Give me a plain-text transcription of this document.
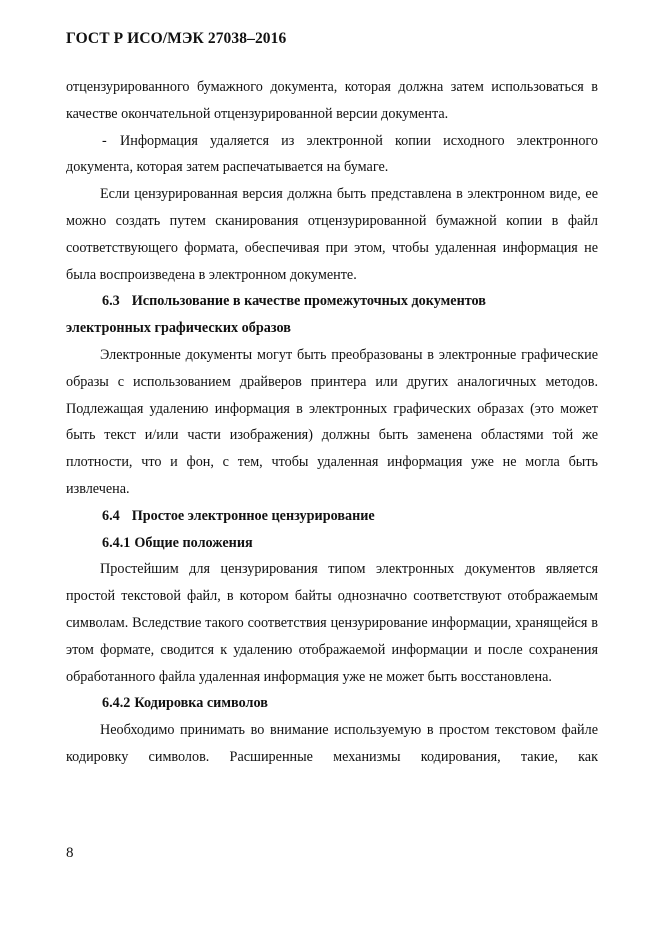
ГОСТ Р ИСО/МЭК 27038–2016

отцензурированного бумажного документа, которая должна затем использоваться в качестве окончательной отцензурированной версии документа.

- Информация удаляется из электронной копии исходного электронного документа, которая затем распечатывается на бумаге.

Если цензурированная версия должна быть представлена в электронном виде, ее можно создать путем сканирования отцензурированной бумажной копии в файл соответствующего формата, обеспечивая при этом, чтобы удаленная информация не была воспроизведена в электронном документе.

6.3 Использование в качестве промежуточных документов

электронных графических образов

Электронные документы могут быть преобразованы в электронные графические образы с использованием драйверов принтера или других аналогичных методов. Подлежащая удалению информация в электронных графических образах (это может быть текст и/или части изображения) должны быть заменена областями той же плотности, что и фон, с тем, чтобы удаленная информация уже не могла быть извлечена.

6.4 Простое электронное цензурирование

6.4.1 Общие положения

Простейшим для цензурирования типом электронных документов является простой текстовой файл, в котором байты однозначно соответствуют отображаемым символам. Вследствие такого соответствия цензурирование информации, хранящейся в этом формате, сводится к удалению отображаемой информации и после сохранения обработанного файла удаленная информация уже не может быть восстановлена.

6.4.2 Кодировка символов

Необходимо принимать во внимание используемую в простом текстовом файле кодировку символов. Расширенные механизмы кодирования, такие, как

8
